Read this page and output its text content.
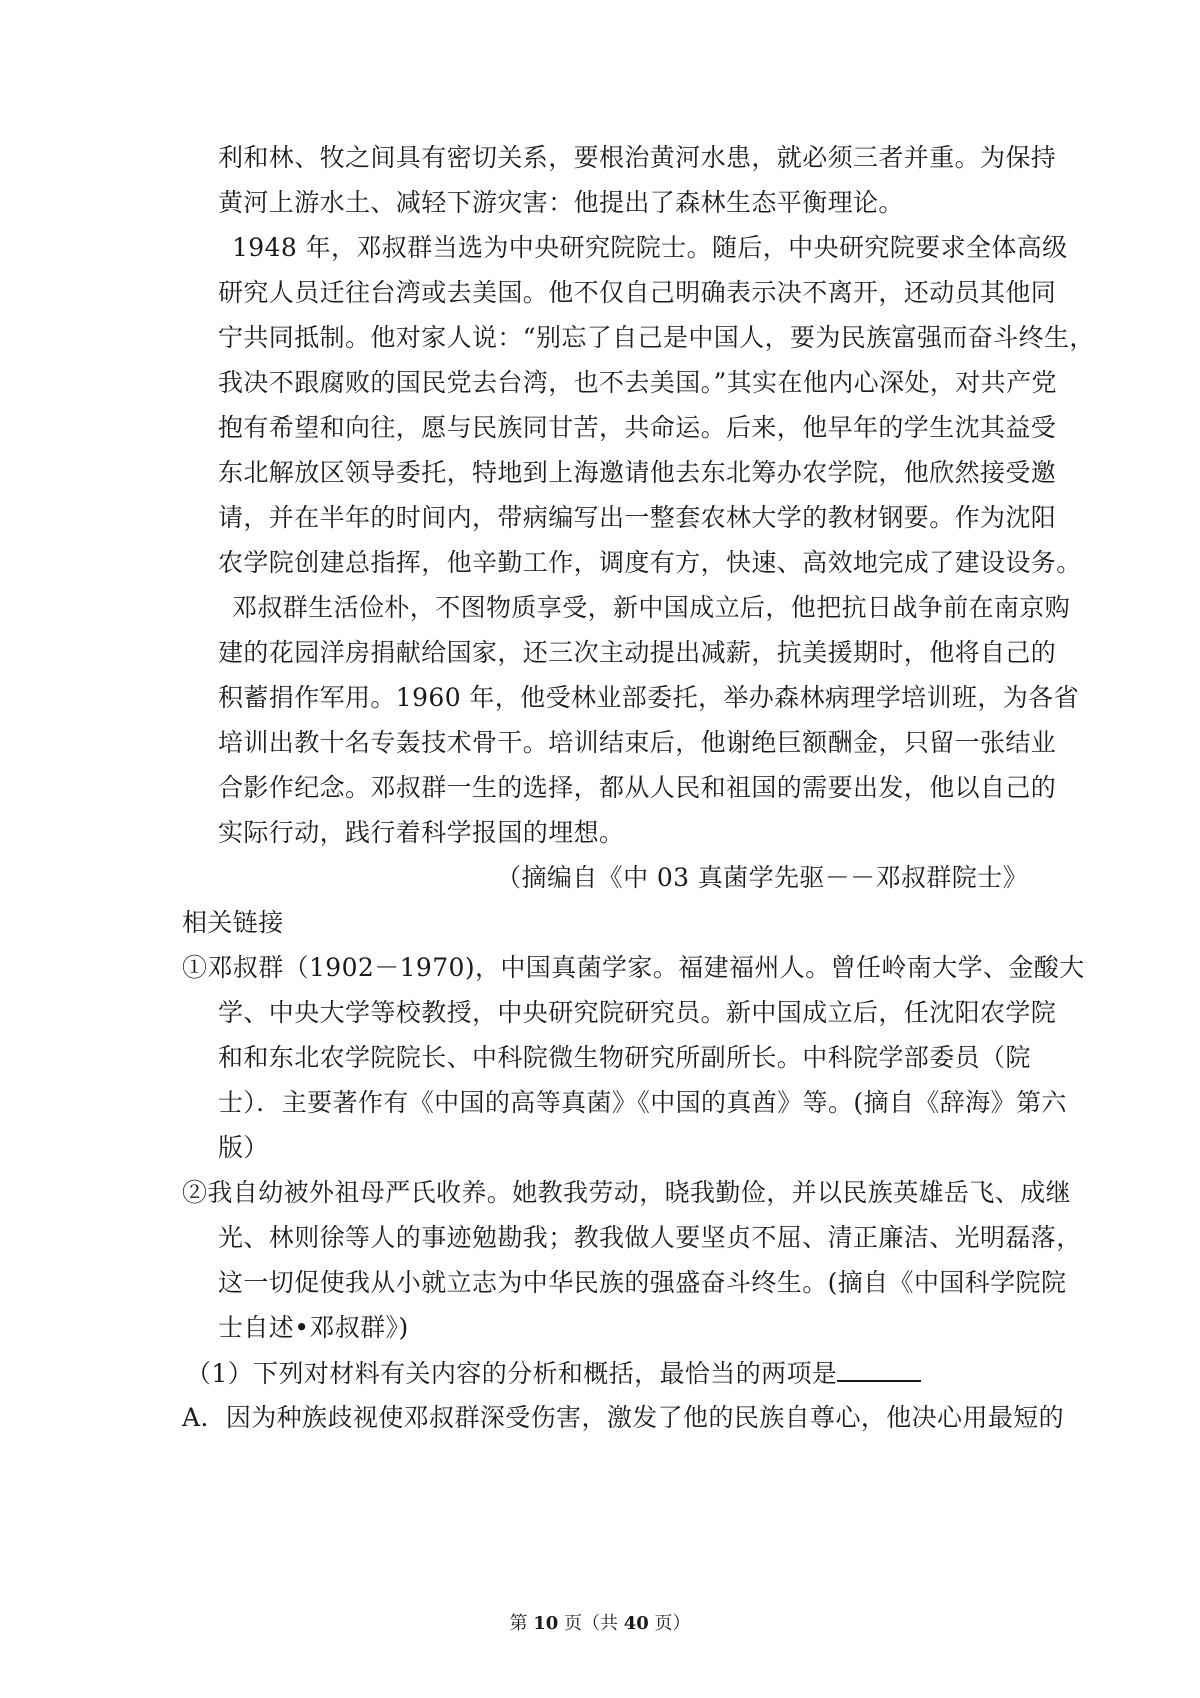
利和林、牧之间具有密切关系，要根治黄河水患，就必须三者并重。为保持
黄河上游水土、减轻下游灾害：他提出了森林生态平衡理论。
1948 年，邓叔群当选为中央研究院院士。随后，中央研究院要求全体高级
研究人员迁往台湾或去美国。他不仅自己明确表示决不离开，还动员其他同
宁共同抵制。他对家人说：“别忘了自己是中国人，要为民族富强而奋斗终生，
我决不跟腐败的国民党去台湾，也不去美国。”其实在他内心深处，对共产党
抱有希望和向往，愿与民族同甘苦，共命运。后来，他早年的学生沈其益受
东北解放区领导委托，特地到上海邀请他去东北筹办农学院，他欣然接受邀
请，并在半年的时间内，带病编写出一整套农林大学的教材钢要。作为沈阳
农学院创建总指挥，他辛勤工作，调度有方，快速、高效地完成了建设设务。
邓叔群生活俭朴，不图物质享受，新中国成立后，他把抗日战争前在南京购
建的花园洋房捐献给国家，还三次主动提出减薪，抗美援期时，他将自己的
积蓄捐作军用。1960 年，他受林业部委托，举办森林病理学培训班，为各省
培训出教十名专轰技术骨干。培训结束后，他谢绝巨额酬金，只留一张结业
合影作纪念。邓叔群一生的选择，都从人民和祖国的需要出发，他以自己的
实际行动，践行着科学报国的埋想。
（摘编自《中 03 真菌学先驱－－邓叔群院士》
相关链接
①邓叔群（1902－1970)，中国真菌学家。福建福州人。曾任岭南大学、金酸大
学、中央大学等校教授，中央研究院研究员。新中国成立后，任沈阳农学院
和和东北农学院院长、中科院微生物研究所副所长。中科院学部委员（院
士）．主要著作有《中国的高等真菌》《中国的真酋》等。(摘自《辞海》第六
版）
②我自幼被外祖母严氏收养。她教我劳动，晓我勤俭，并以民族英雄岳飞、成继
光、林则徐等人的事迹勉勘我；教我做人要坚贞不屈、清正廉洁、光明磊落，
这一切促使我从小就立志为中华民族的强盛奋斗终生。(摘自《中国科学院院
士自述•邓叔群》)
（1）下列对材料有关内容的分析和概括，最恰当的两项是
A．因为种族歧视使邓叔群深受伤害，激发了他的民族自尊心，他决心用最短的
第 10 页（共 40 页）
